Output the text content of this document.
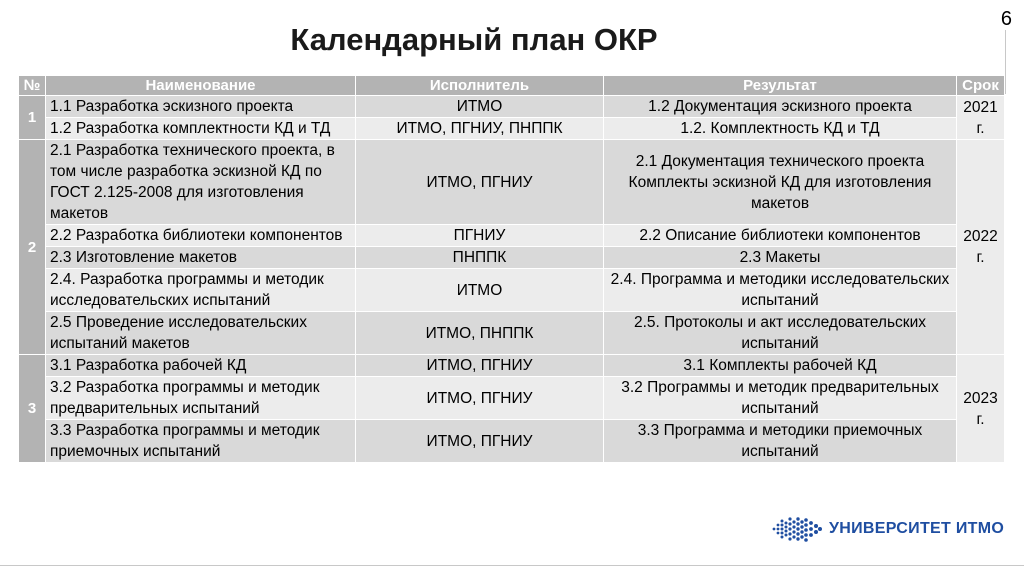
6
Календарный план ОКР
№	Наименование	Исполнитель	Результат	Срок
1	1.1 Разработка эскизного проекта	ИТМО	1.2 Документация эскизного проекта	2021 г.
	1.2 Разработка комплектности КД и ТД	ИТМО, ПГНИУ, ПНППК	1.2. Комплектность КД и ТД	
2	2.1 Разработка технического проекта, в том числе разработка эскизной КД по ГОСТ 2.125-2008 для изготовления макетов	ИТМО, ПГНИУ	2.1 Документация технического проекта Комплекты эскизной КД для изготовления макетов	2022 г.
	2.2 Разработка библиотеки компонентов	ПГНИУ	2.2 Описание библиотеки компонентов	
	2.3 Изготовление макетов	ПНППК	2.3 Макеты	
	2.4. Разработка программы и методик исследовательских испытаний	ИТМО	2.4. Программа и методики исследовательских испытаний	
	2.5 Проведение исследовательских испытаний макетов	ИТМО, ПНППК	2.5. Протоколы и акт исследовательских испытаний	
3	3.1 Разработка рабочей КД	ИТМО, ПГНИУ	3.1 Комплекты рабочей КД	2023 г.
	3.2 Разработка программы и методик предварительных испытаний	ИТМО, ПГНИУ	3.2 Программы и методик предварительных испытаний	
	3.3 Разработка программы и методик приемочных испытаний	ИТМО, ПГНИУ	3.3 Программа и методики приемочных испытаний	
УНИВЕРСИТЕТ ИТМО
